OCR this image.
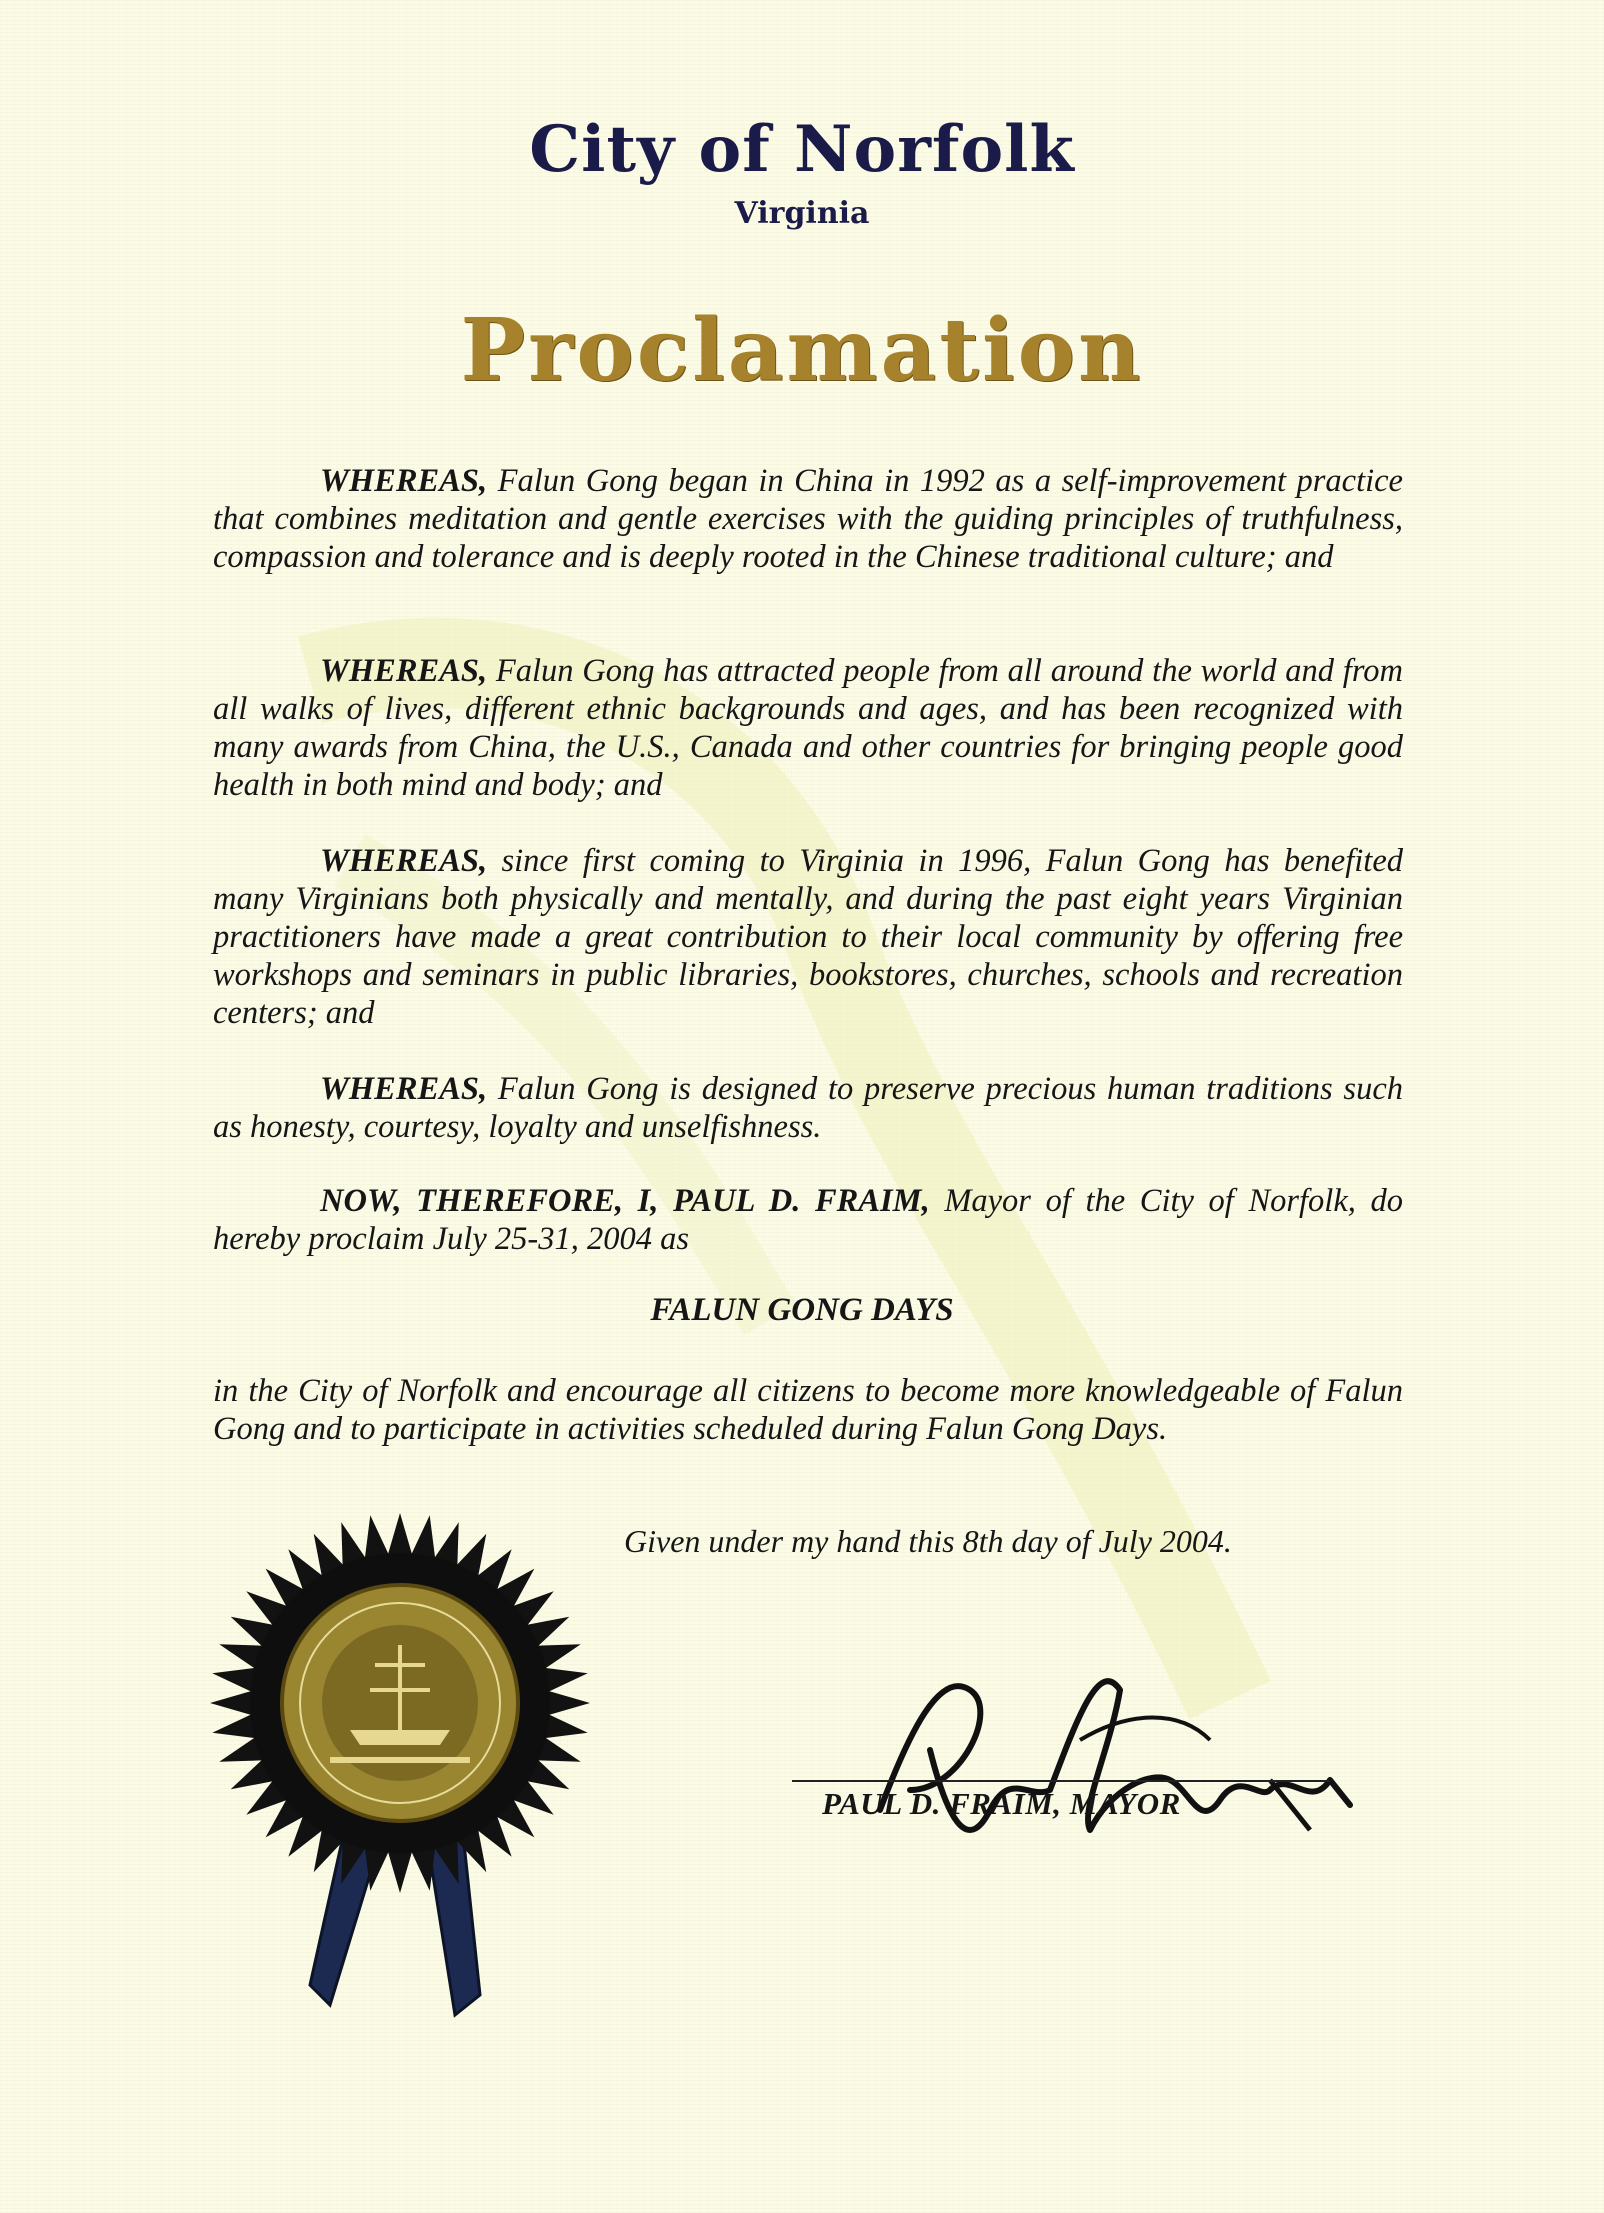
City of Norfolk
Virginia
Proclamation

WHEREAS, Falun Gong began in China in 1992 as a self-improvement practice that combines meditation and gentle exercises with the guiding principles of truthfulness, compassion and tolerance and is deeply rooted in the Chinese traditional culture; and

WHEREAS, Falun Gong has attracted people from all around the world and from all walks of lives, different ethnic backgrounds and ages, and has been recognized with many awards from China, the U.S., Canada and other countries for bringing people good health in both mind and body; and

WHEREAS, since first coming to Virginia in 1996, Falun Gong has benefited many Virginians both physically and mentally, and during the past eight years Virginian practitioners have made a great contribution to their local community by offering free workshops and seminars in public libraries, bookstores, churches, schools and recreation centers; and

WHEREAS, Falun Gong is designed to preserve precious human traditions such as honesty, courtesy, loyalty and unselfishness.

NOW, THEREFORE, I, PAUL D. FRAIM, Mayor of the City of Norfolk, do hereby proclaim July 25-31, 2004 as

FALUN GONG DAYS

in the City of Norfolk and encourage all citizens to become more knowledgeable of Falun Gong and to participate in activities scheduled during Falun Gong Days.

Given under my hand this 8th day of July 2004.
PAUL D. FRAIM, MAYOR
